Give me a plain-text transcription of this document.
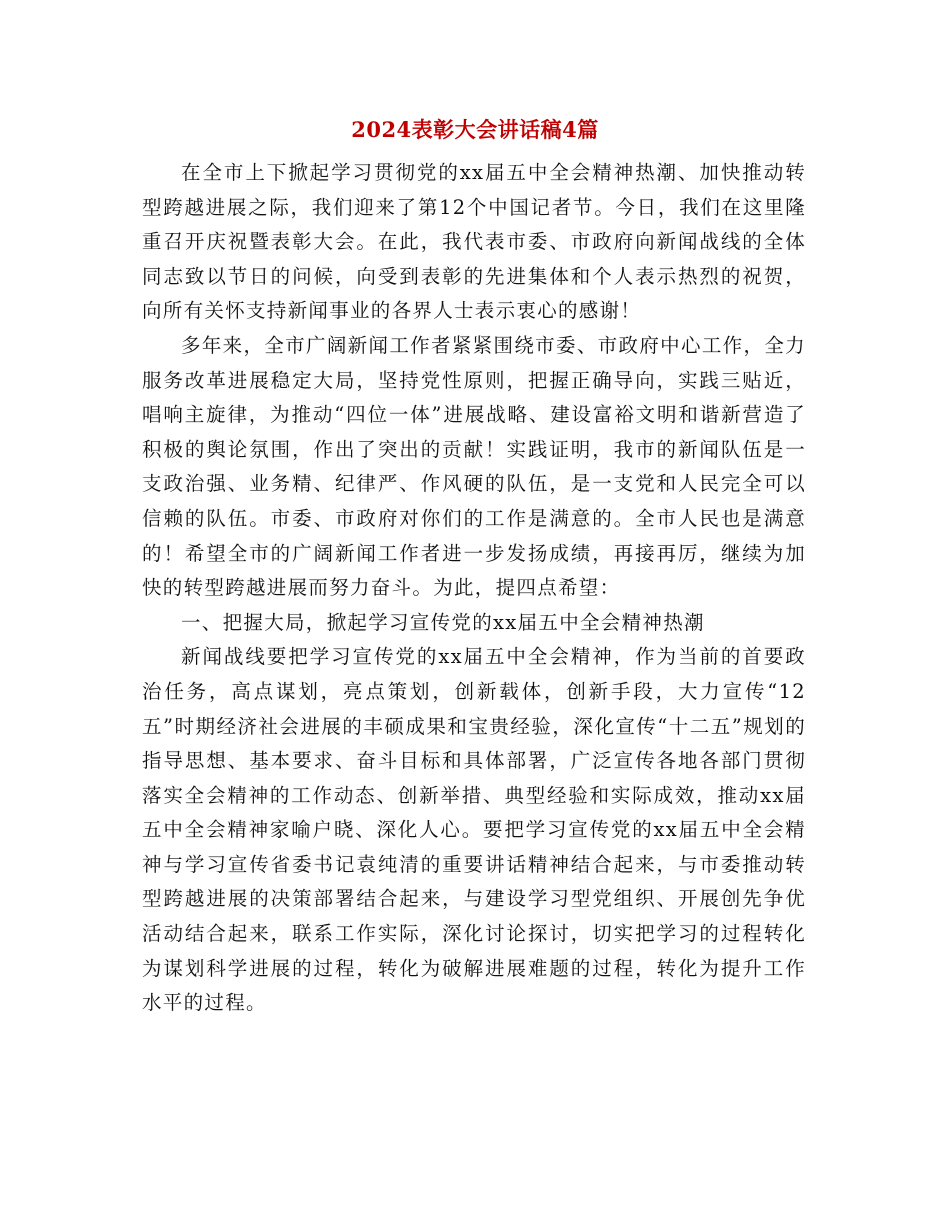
2024表彰大会讲话稿4篇

在全市上下掀起学习贯彻党的xx届五中全会精神热潮、加快推动转型跨越进展之际，我们迎来了第12个中国记者节。今日，我们在这里隆重召开庆祝暨表彰大会。在此，我代表市委、市政府向新闻战线的全体同志致以节日的问候，向受到表彰的先进集体和个人表示热烈的祝贺，向所有关怀支持新闻事业的各界人士表示衷心的感谢！

多年来，全市广阔新闻工作者紧紧围绕市委、市政府中心工作，全力服务改革进展稳定大局，坚持党性原则，把握正确导向，实践三贴近，唱响主旋律，为推动“四位一体”进展战略、建设富裕文明和谐新营造了积极的舆论氛围，作出了突出的贡献！实践证明，我市的新闻队伍是一支政治强、业务精、纪律严、作风硬的队伍，是一支党和人民完全可以信赖的队伍。市委、市政府对你们的工作是满意的。全市人民也是满意的！希望全市的广阔新闻工作者进一步发扬成绩，再接再厉，继续为加快的转型跨越进展而努力奋斗。为此，提四点希望：

一、把握大局，掀起学习宣传党的xx届五中全会精神热潮

新闻战线要把学习宣传党的xx届五中全会精神，作为当前的首要政治任务，高点谋划，亮点策划，创新载体，创新手段，大力宣传“12五”时期经济社会进展的丰硕成果和宝贵经验，深化宣传“十二五”规划的指导思想、基本要求、奋斗目标和具体部署，广泛宣传各地各部门贯彻落实全会精神的工作动态、创新举措、典型经验和实际成效，推动xx届五中全会精神家喻户晓、深化人心。要把学习宣传党的xx届五中全会精神与学习宣传省委书记袁纯清的重要讲话精神结合起来，与市委推动转型跨越进展的决策部署结合起来，与建设学习型党组织、开展创先争优活动结合起来，联系工作实际，深化讨论探讨，切实把学习的过程转化为谋划科学进展的过程，转化为破解进展难题的过程，转化为提升工作水平的过程。
